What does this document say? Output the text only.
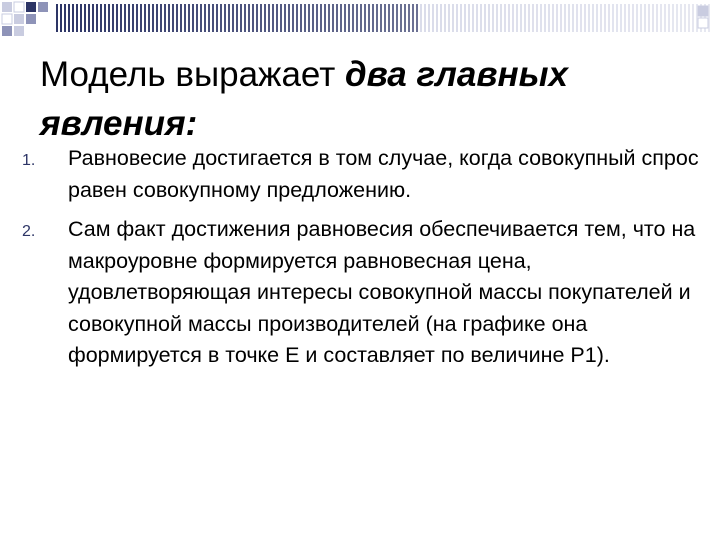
Модель выражает два главных явления:
1. Равновесие достигается в том случае, когда совокупный спрос равен совокупному предложению.
2. Сам факт достижения равновесия обеспечивается тем, что на макроуровне формируется равновесная цена, удовлетворяющая интересы совокупной массы покупателей и совокупной массы производителей (на графике она формируется в точке Е и составляет по величине Р1).
